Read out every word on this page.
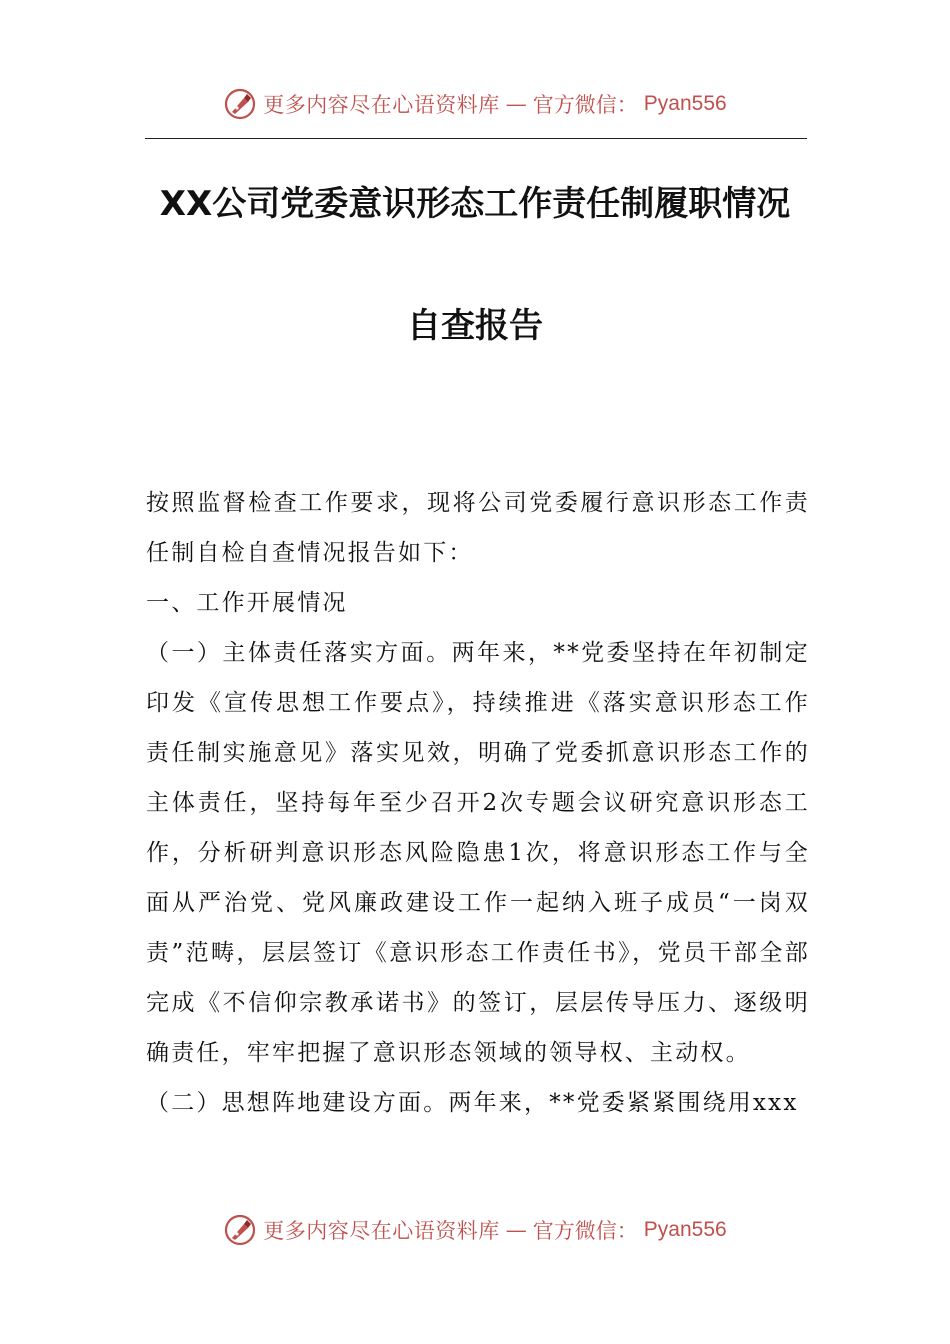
更多内容尽在心语资料库 — 官方微信： Pyan556
XX公司党委意识形态工作责任制履职情况
自查报告

按照监督检查工作要求，现将公司党委履行意识形态工作责任制自检自查情况报告如下：

一、工作开展情况

（一）主体责任落实方面。两年来，**党委坚持在年初制定印发《宣传思想工作要点》，持续推进《落实意识形态工作责任制实施意见》落实见效，明确了党委抓意识形态工作的主体责任，坚持每年至少召开2次专题会议研究意识形态工作，分析研判意识形态风险隐患1次，将意识形态工作与全面从严治党、党风廉政建设工作一起纳入班子成员“一岗双责”范畴，层层签订《意识形态工作责任书》，党员干部全部完成《不信仰宗教承诺书》的签订，层层传导压力、逐级明确责任，牢牢把握了意识形态领域的领导权、主动权。

（二）思想阵地建设方面。两年来，**党委紧紧围绕用xxx

更多内容尽在心语资料库 — 官方微信： Pyan556
